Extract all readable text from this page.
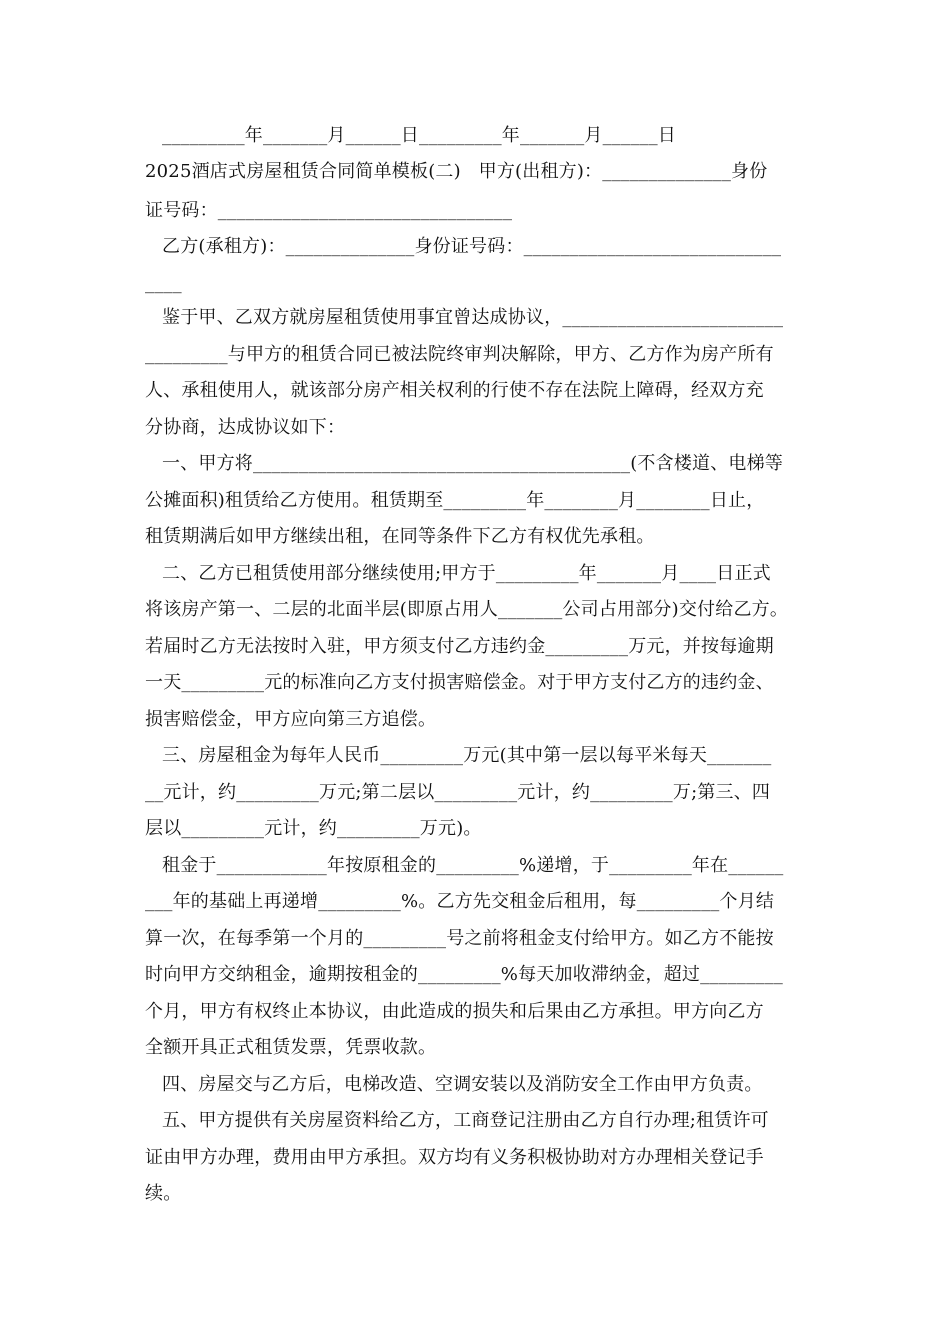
_________年_______月______日_________年_______月______日
2025酒店式房屋租赁合同简单模板(二)   甲方(出租方)：______________身份
证号码：________________________________
乙方(承租方)：______________身份证号码：____________________________
____
鉴于甲、乙双方就房屋租赁使用事宜曾达成协议，________________________
_________与甲方的租赁合同已被法院终审判决解除，甲方、乙方作为房产所有
人、承租使用人，就该部分房产相关权利的行使不存在法院上障碍，经双方充
分协商，达成协议如下：
一、甲方将_________________________________________(不含楼道、电梯等
公摊面积)租赁给乙方使用。租赁期至_________年________月________日止，
租赁期满后如甲方继续出租，在同等条件下乙方有权优先承租。
二、乙方已租赁使用部分继续使用;甲方于_________年_______月____日正式
将该房产第一、二层的北面半层(即原占用人_______公司占用部分)交付给乙方。
若届时乙方无法按时入驻，甲方须支付乙方违约金_________万元，并按每逾期
一天_________元的标准向乙方支付损害赔偿金。对于甲方支付乙方的违约金、
损害赔偿金，甲方应向第三方追偿。
三、房屋租金为每年人民币_________万元(其中第一层以每平米每天_______
__元计，约_________万元;第二层以_________元计，约_________万;第三、四
层以_________元计，约_________万元)。
租金于____________年按原租金的_________%递增，于_________年在______
___年的基础上再递增_________%。乙方先交租金后租用，每_________个月结
算一次，在每季第一个月的_________号之前将租金支付给甲方。如乙方不能按
时向甲方交纳租金，逾期按租金的_________%每天加收滞纳金，超过_________
个月，甲方有权终止本协议，由此造成的损失和后果由乙方承担。甲方向乙方
全额开具正式租赁发票，凭票收款。
四、房屋交与乙方后，电梯改造、空调安装以及消防安全工作由甲方负责。
五、甲方提供有关房屋资料给乙方，工商登记注册由乙方自行办理;租赁许可
证由甲方办理，费用由甲方承担。双方均有义务积极协助对方办理相关登记手
续。
